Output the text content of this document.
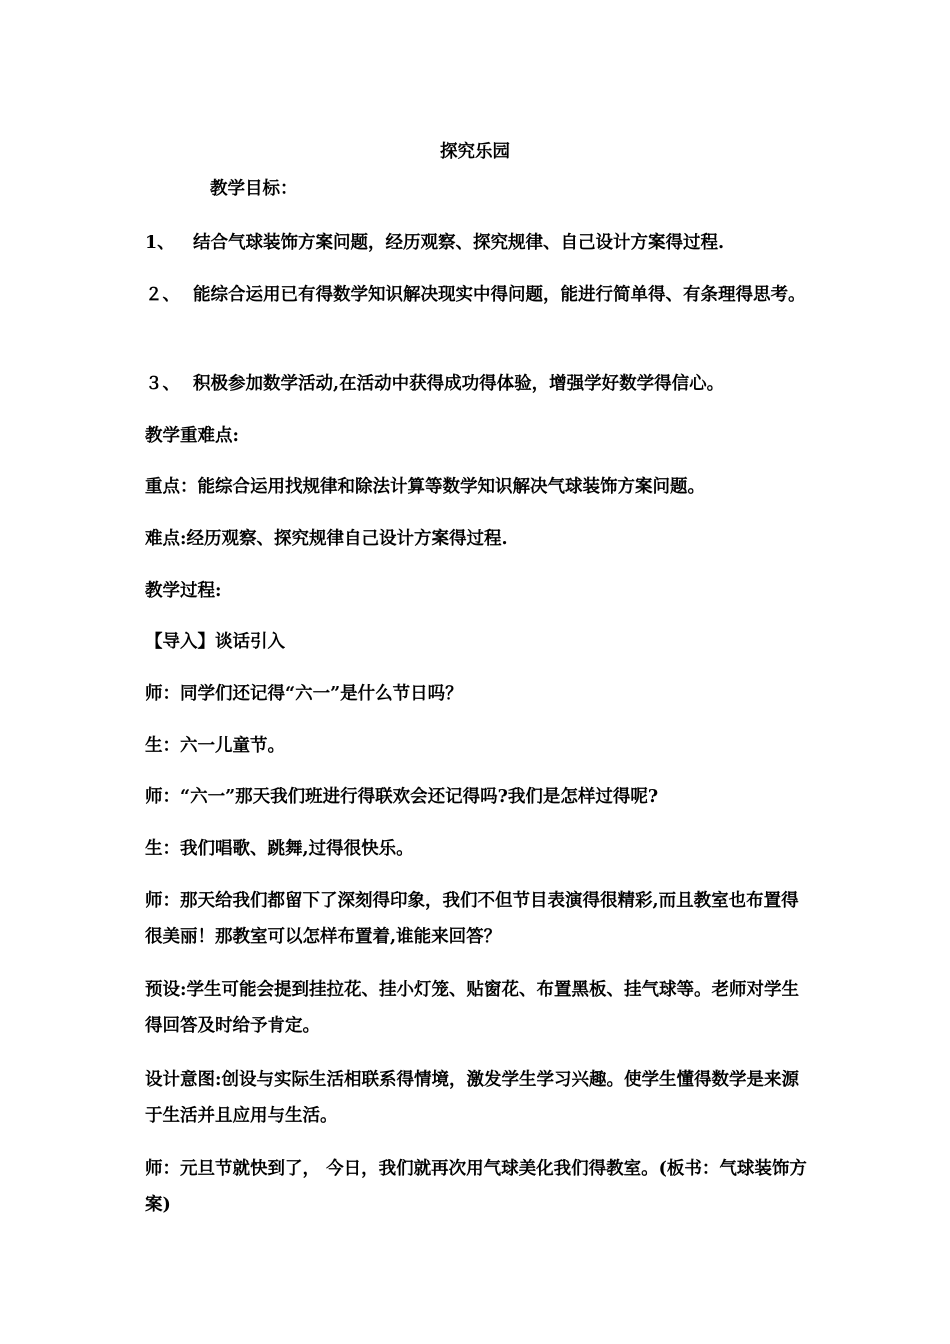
探究乐园
教学目标：
1、 结合气球装饰方案问题，经历观察、探究规律、自己设计方案得过程.
２、 能综合运用已有得数学知识解决现实中得问题，能进行简单得、有条理得思考。
３、 积极参加数学活动,在活动中获得成功得体验，增强学好数学得信心。
教学重难点:
重点：能综合运用找规律和除法计算等数学知识解决气球装饰方案问题。
难点:经历观察、探究规律自己设计方案得过程.
教学过程:
【导入】谈话引入
师：同学们还记得“六一”是什么节日吗？
生：六一儿童节。
师：“六一”那天我们班进行得联欢会还记得吗?我们是怎样过得呢?
生：我们唱歌、跳舞,过得很快乐。
师：那天给我们都留下了深刻得印象，我们不但节目表演得很精彩,而且教室也布置得很美丽！那教室可以怎样布置着,谁能来回答？
预设:学生可能会提到挂拉花、挂小灯笼、贴窗花、布置黑板、挂气球等。老师对学生得回答及时给予肯定。
设计意图:创设与实际生活相联系得情境，激发学生学习兴趣。使学生懂得数学是来源于生活并且应用与生活。
师：元旦节就快到了， 今日，我们就再次用气球美化我们得教室。(板书：气球装饰方案)
